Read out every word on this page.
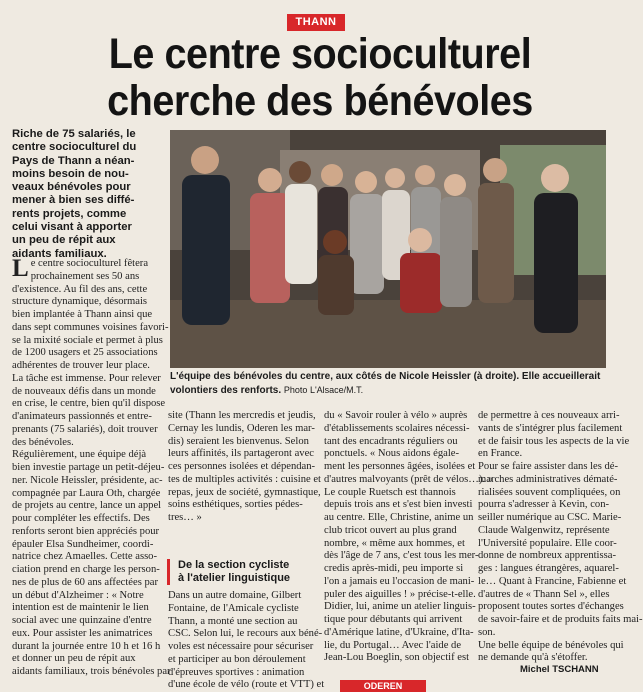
THANN
Le centre socioculturel
cherche des bénévoles
Riche de 75 salariés, le
centre socioculturel du
Pays de Thann a néan-
moins besoin de nou-
veaux bénévoles pour
mener à bien ses diffé-
rents projets, comme
celui visant à apporter
un peu de répit aux
aidants familiaux.
L'équipe des bénévoles du centre, aux côtés de Nicole Heissler (à droite). Elle accueillerait volontiers des renforts. Photo L'Alsace/M.T.
L e centre socioculturel fêtera
prochainement ses 50 ans
d'existence. Au fil des ans, cette
structure dynamique, désormais
bien implantée à Thann ainsi que
dans sept communes voisines favori-
se la mixité sociale et permet à plus
de 1200 usagers et 25 associations
adhérentes de trouver leur place.
La tâche est immense. Pour relever
de nouveaux défis dans un monde
en crise, le centre, bien qu'il dispose
d'animateurs passionnés et entre-
prenants (75 salariés), doit trouver
des bénévoles.
Régulièrement, une équipe déjà
bien investie partage un petit-déjeu-
ner. Nicole Heissler, présidente, ac-
compagnée par Laura Oth, chargée
de projets au centre, lance un appel
pour compléter les effectifs. Des
renforts seront bien appréciés pour
épauler Elsa Sundheimer, coordi-
natrice chez Amaelles. Cette asso-
ciation prend en charge les person-
nes de plus de 60 ans affectées par
un début d'Alzheimer : « Notre
intention est de maintenir le lien
social avec une quinzaine d'entre
eux. Pour assister les animatrices
durant la journée entre 10 h et 16 h
et donner un peu de répit aux
aidants familiaux, trois bénévoles par
site (Thann les mercredis et jeudis,
Cernay les lundis, Oderen les mar-
dis) seraient les bienvenus. Selon
leurs affinités, ils partageront avec
ces personnes isolées et dépendan-
tes de multiples activités : cuisine et
repas, jeux de société, gymnastique,
soins esthétiques, sorties pédes-
tres… »
De la section cycliste
à l'atelier linguistique
Dans un autre domaine, Gilbert
Fontaine, de l'Amicale cycliste
Thann, a monté une section au
CSC. Selon lui, le recours aux béné-
voles est nécessaire pour sécuriser
et participer au bon déroulement
d'épreuves sportives : animation
d'une école de vélo (route et VTT) et
du « Savoir rouler à vélo » auprès
d'établissements scolaires nécessi-
tant des encadrants réguliers ou
ponctuels. « Nous aidons égale-
ment les personnes âgées, isolées et
d'autres malvoyants (prêt de vélos…). »
Le couple Ruetsch est thannois
depuis trois ans et s'est bien investi
au centre. Elle, Christine, anime un
club tricot ouvert au plus grand
nombre, « même aux hommes, et
dès l'âge de 7 ans, c'est tous les mer-
credis après-midi, peu importe si
l'on a jamais eu l'occasion de mani-
puler des aiguilles ! » précise-t-elle.
Didier, lui, anime un atelier linguis-
tique pour débutants qui arrivent
d'Amérique latine, d'Ukraine, d'Ita-
lie, du Portugal… Avec l'aide de
Jean-Lou Boeglin, son objectif est
de permettre à ces nouveaux arri-
vants de s'intégrer plus facilement
et de faisir tous les aspects de la vie
en France.
Pour se faire assister dans les dé-
marches administratives dématé-
rialisées souvent compliquées, on
pourra s'adresser à Kevin, con-
seiller numérique au CSC. Marie-
Claude Walgenwitz, représente
l'Université populaire. Elle coor-
donne de nombreux apprentissa-
ges : langues étrangères, aquarel-
le… Quant à Francine, Fabienne et
d'autres de « Thann Sel », elles
proposent toutes sortes d'échanges
de savoir-faire et de produits faits mai-
son.
Une belle équipe de bénévoles qui
ne demande qu'à s'étoffer.
Michel TSCHANN
ODEREN
